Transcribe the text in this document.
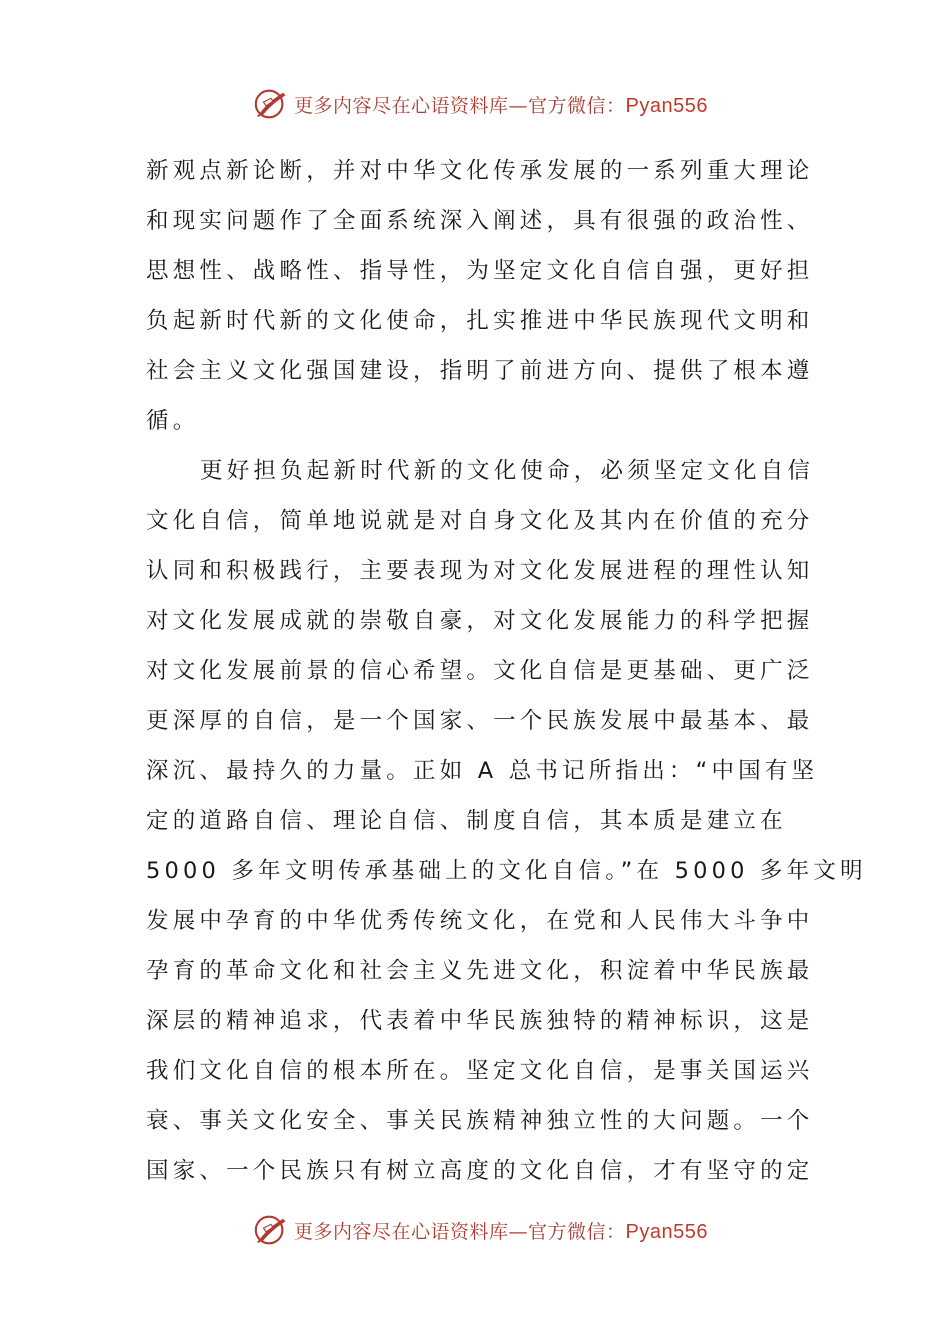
更多内容尽在心语资料库—官方微信：Pyan556
新观点新论断，并对中华文化传承发展的一系列重大理论
和现实问题作了全面系统深入阐述，具有很强的政治性、
思想性、战略性、指导性，为坚定文化自信自强，更好担
负起新时代新的文化使命，扎实推进中华民族现代文明和
社会主义文化强国建设，指明了前进方向、提供了根本遵
循。
更好担负起新时代新的文化使命，必须坚定文化自信
文化自信，简单地说就是对自身文化及其内在价值的充分
认同和积极践行，主要表现为对文化发展进程的理性认知
对文化发展成就的崇敬自豪，对文化发展能力的科学把握
对文化发展前景的信心希望。文化自信是更基础、更广泛
更深厚的自信，是一个国家、一个民族发展中最基本、最
深沉、最持久的力量。正如 A 总书记所指出：“中国有坚
定的道路自信、理论自信、制度自信，其本质是建立在
5000 多年文明传承基础上的文化自信。”在 5000 多年文明
发展中孕育的中华优秀传统文化，在党和人民伟大斗争中
孕育的革命文化和社会主义先进文化，积淀着中华民族最
深层的精神追求，代表着中华民族独特的精神标识，这是
我们文化自信的根本所在。坚定文化自信，是事关国运兴
衰、事关文化安全、事关民族精神独立性的大问题。一个
国家、一个民族只有树立高度的文化自信，才有坚守的定
更多内容尽在心语资料库—官方微信：Pyan556
